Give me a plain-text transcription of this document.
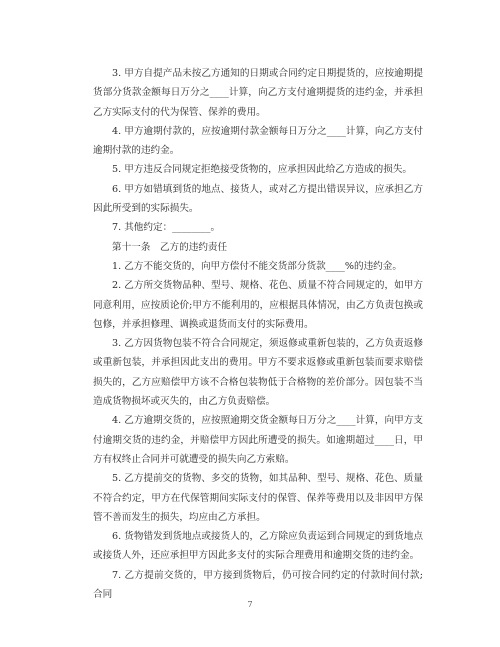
3. 甲方自提产品未按乙方通知的日期或合同约定日期提货的，应按逾期提货部分货款金额每日万分之____计算，向乙方支付逾期提货的违约金，并承担乙方实际支付的代为保管、保养的费用。

4. 甲方逾期付款的，应按逾期付款金额每日万分之____计算，向乙方支付逾期付款的违约金。

5. 甲方违反合同规定拒绝接受货物的，应承担因此给乙方造成的损失。

6. 甲方如错填到货的地点、接货人，或对乙方提出错误异议，应承担乙方因此所受到的实际损失。

7. 其他约定：________。

第十一条　乙方的违约责任

1. 乙方不能交货的，向甲方偿付不能交货部分货款____%的违约金。

2. 乙方所交货物品种、型号、规格、花色、质量不符合同规定的，如甲方同意利用，应按质论价;甲方不能利用的，应根据具体情况，由乙方负责包换或包修，并承担修理、调换或退货而支付的实际费用。

3. 乙方因货物包装不符合合同规定，须返修或重新包装的，乙方负责返修或重新包装，并承担因此支出的费用。甲方不要求返修或重新包装而要求赔偿损失的，乙方应赔偿甲方该不合格包装物低于合格物的差价部分。因包装不当造成货物损坏或灭失的，由乙方负责赔偿。

4. 乙方逾期交货的，应按照逾期交货金额每日万分之____计算，向甲方支付逾期交货的违约金，并赔偿甲方因此所遭受的损失。如逾期超过____日，甲方有权终止合同并可就遭受的损失向乙方索赔。

5. 乙方提前交的货物、多交的货物，如其品种、型号、规格、花色、质量不符合约定，甲方在代保管期间实际支付的保管、保养等费用以及非因甲方保管不善而发生的损失，均应由乙方承担。

6. 货物错发到货地点或接货人的，乙方除应负责运到合同规定的到货地点或接货人外，还应承担甲方因此多支付的实际合理费用和逾期交货的违约金。

7. 乙方提前交货的，甲方接到货物后，仍可按合同约定的付款时间付款;合同

7
